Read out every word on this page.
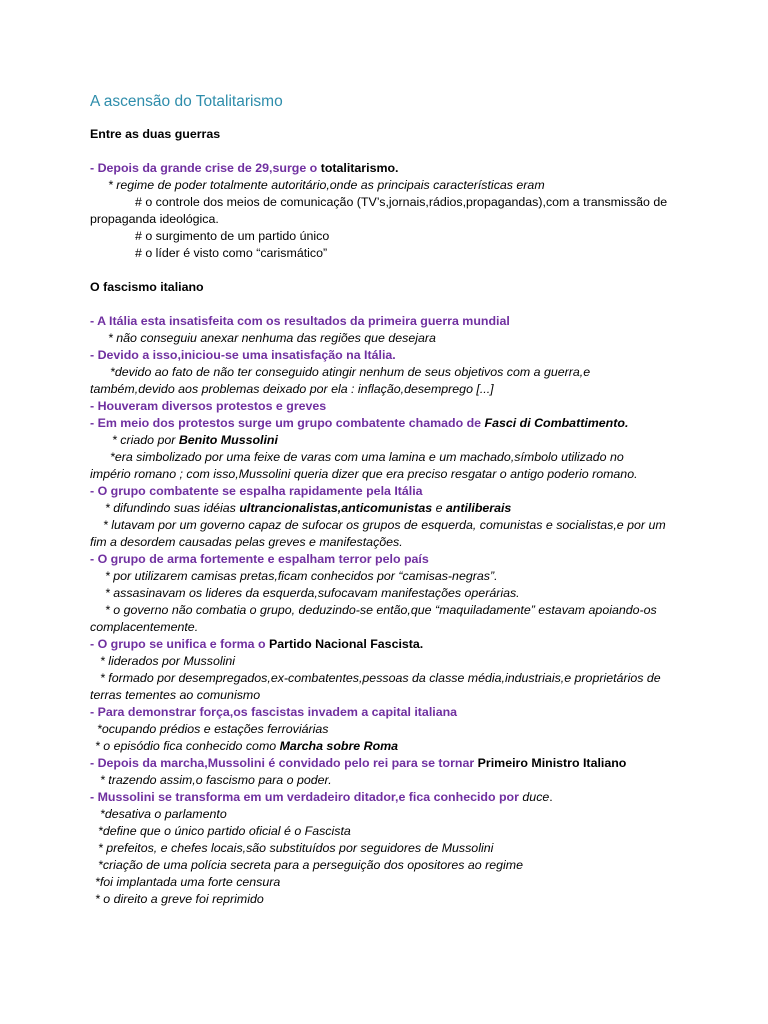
A ascensão do Totalitarismo
Entre as duas guerras
- Depois da grande crise de 29,surge o totalitarismo.
* regime de poder totalmente autoritário,onde as principais características eram
# o controle dos meios de comunicação (TV’s,jornais,rádios,propagandas),com a transmissão de
propaganda ideológica.
# o surgimento de um partido único
# o líder é visto como “carismático”
O fascismo italiano
- A Itália esta insatisfeita com os resultados da primeira guerra mundial
* não conseguiu anexar nenhuma das regiões que desejara
- Devido a isso,iniciou-se uma insatisfação na Itália.
*devido ao fato de não ter conseguido atingir nenhum de seus objetivos com a guerra,e
também,devido aos problemas deixado por ela : inflação,desemprego [...]
- Houveram diversos protestos e greves
- Em meio dos protestos surge um grupo combatente chamado de Fasci di Combattimento.
* criado por Benito Mussolini
*era simbolizado por uma feixe de varas com uma lamina e um machado,símbolo utilizado no
império romano ; com isso,Mussolini queria dizer que era preciso resgatar o antigo poderio romano.
- O grupo combatente se espalha rapidamente pela Itália
* difundindo suas idéias ultrancionalistas,anticomunistas e antiliberais
* lutavam por um governo capaz de sufocar os grupos de esquerda, comunistas e socialistas,e por um
fim a desordem causadas pelas greves e manifestações.
- O grupo de arma fortemente e espalham terror pelo país
* por utilizarem camisas pretas,ficam conhecidos por “camisas-negras”.
* assasinavam os lideres da esquerda,sufocavam manifestações operárias.
* o governo não combatia o grupo, deduzindo-se então,que “maquiladamente” estavam apoiando-os
complacentemente.
- O grupo se unifica e forma o Partido Nacional Fascista.
* liderados por Mussolini
* formado por desempregados,ex-combatentes,pessoas da classe média,industriais,e proprietários de
terras tementes ao comunismo
- Para demonstrar força,os fascistas invadem a capital italiana
*ocupando prédios e estações ferroviárias
* o episódio fica conhecido como Marcha sobre Roma
- Depois da marcha,Mussolini é convidado pelo rei para se tornar Primeiro Ministro Italiano
* trazendo assim,o fascismo para o poder.
- Mussolini se transforma em um verdadeiro ditador,e fica conhecido por duce.
*desativa o parlamento
*define que o único partido oficial é o Fascista
* prefeitos, e chefes locais,são substituídos por seguidores de Mussolini
*criação de uma polícia secreta para a perseguição dos opositores ao regime
*foi implantada uma forte censura
* o direito a greve foi reprimido
